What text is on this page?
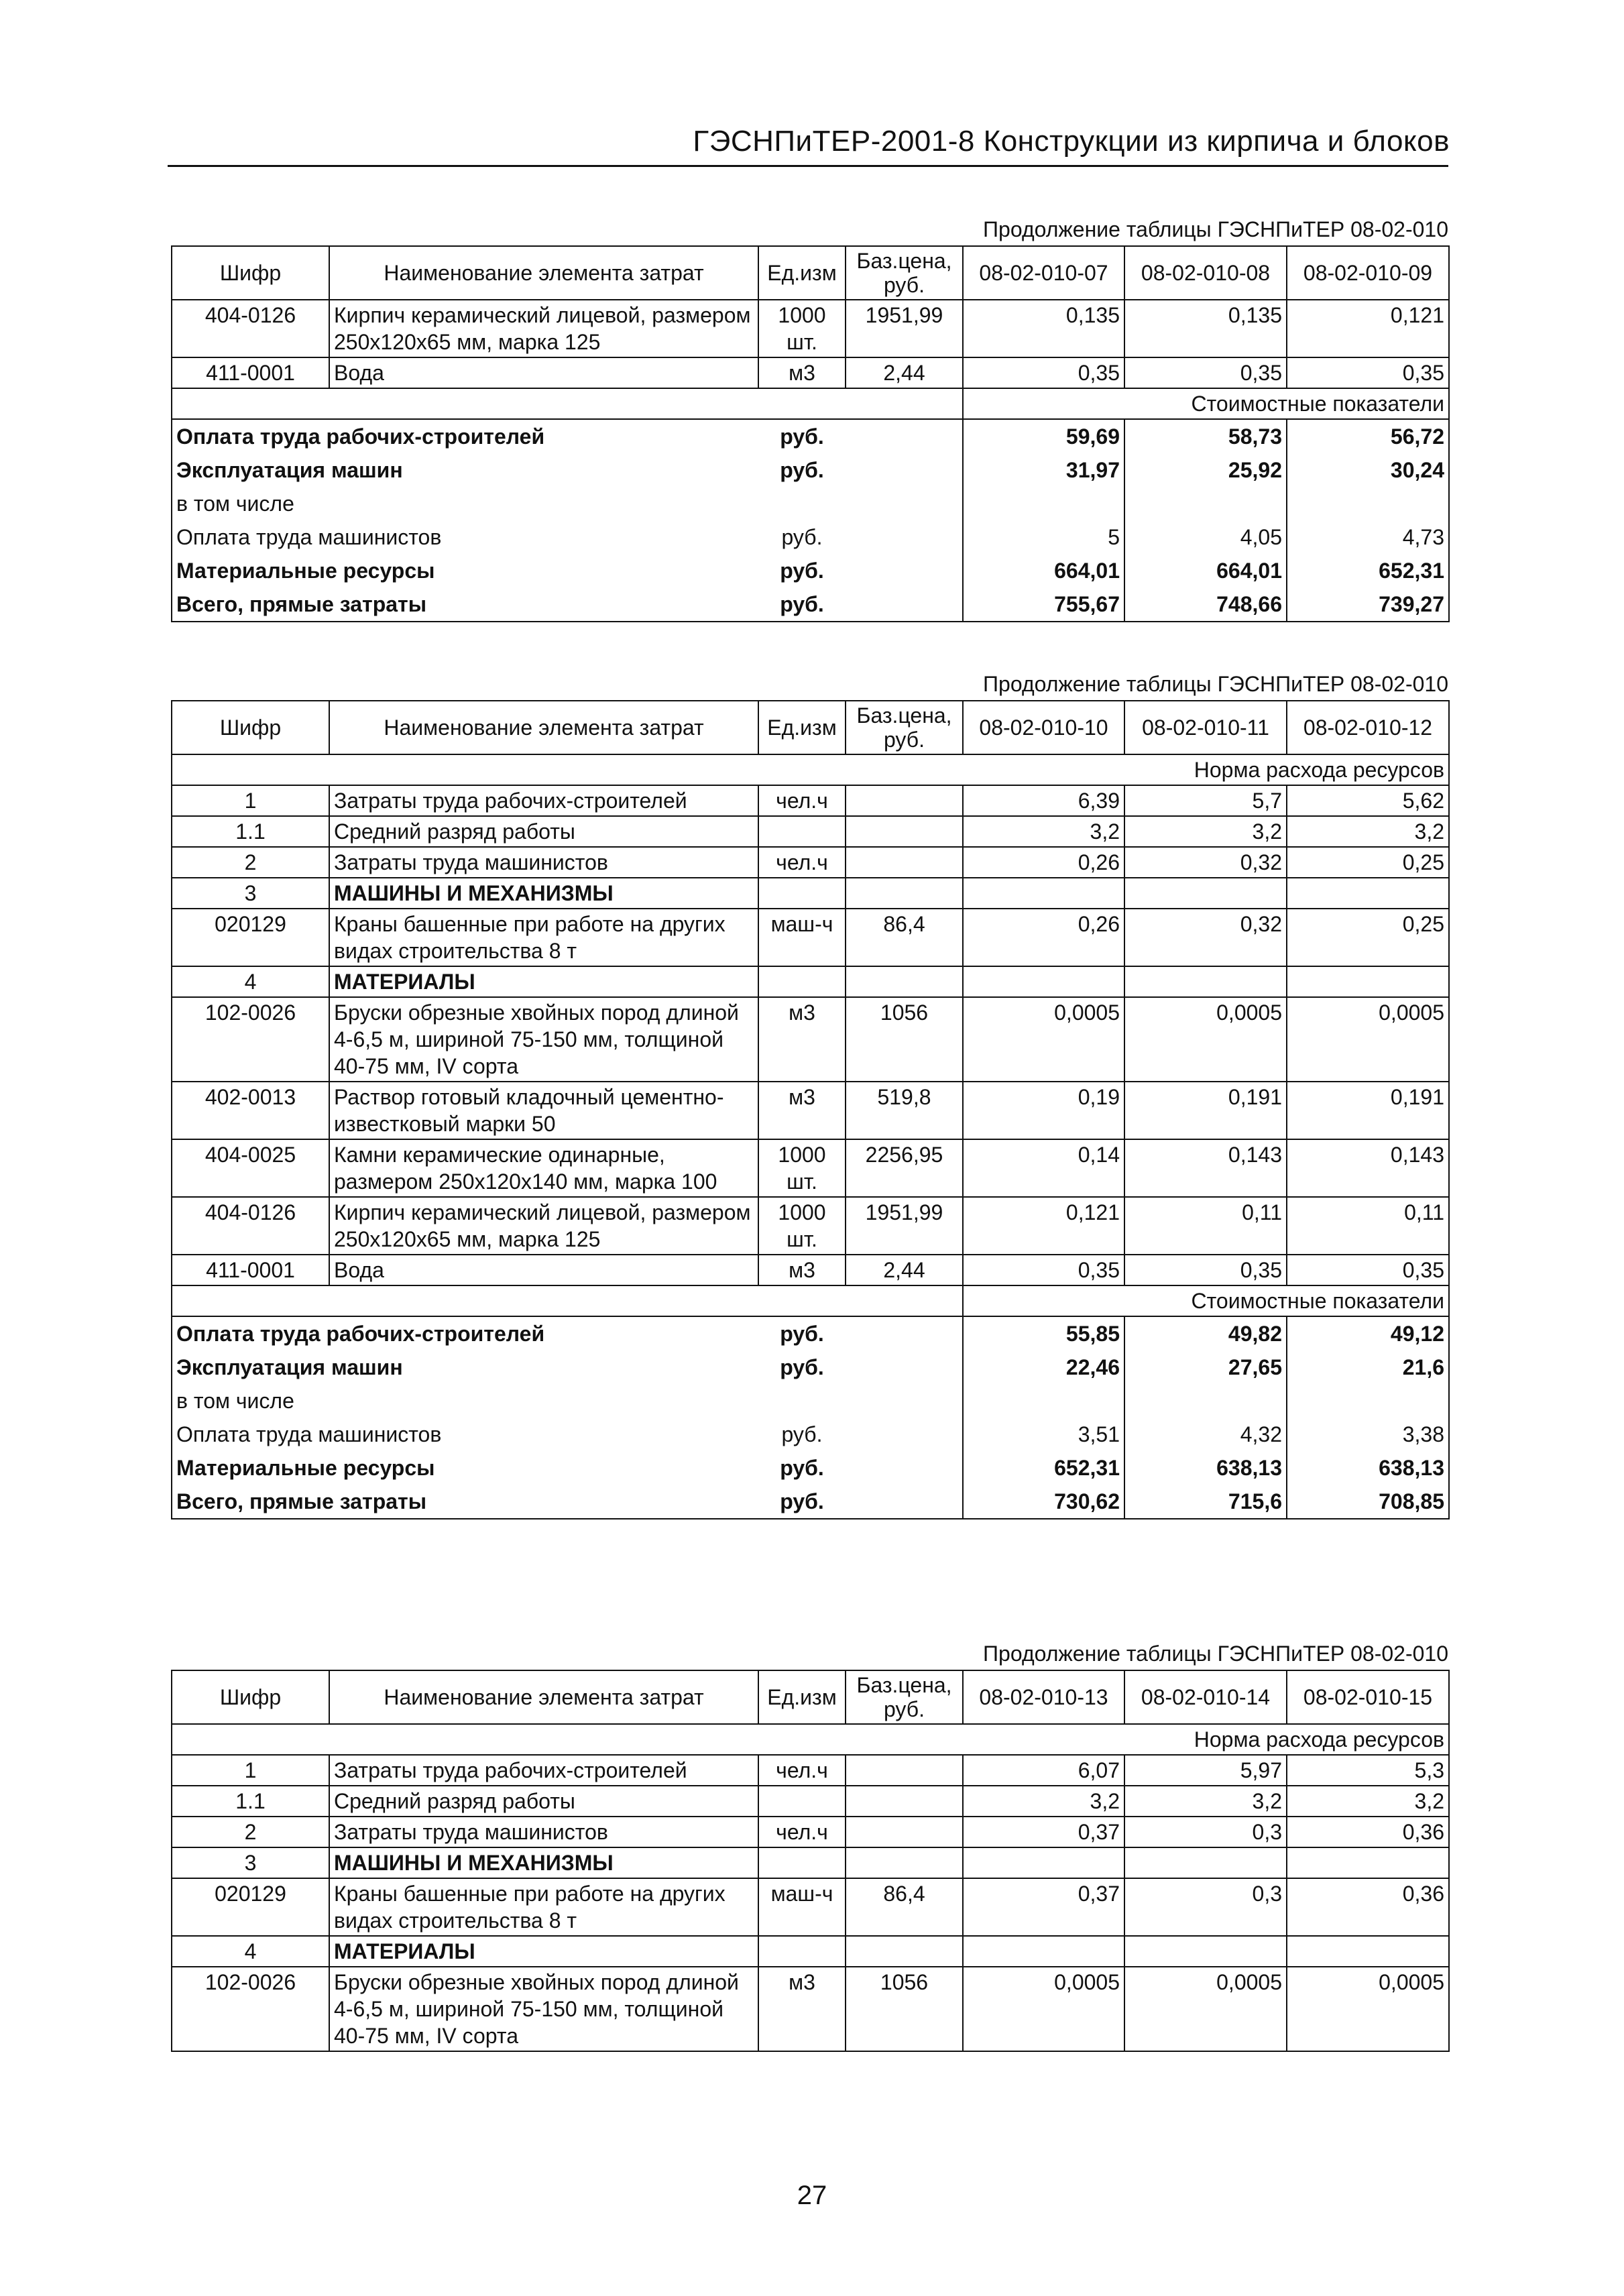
ГЭСНПиТЕР-2001-8 Конструкции из кирпича и блоков
Продолжение таблицы ГЭСНПиТЕР 08-02-010
Шифр	Наименование элемента затрат	Ед.изм	Баз.цена, руб.	08-02-010-07	08-02-010-08	08-02-010-09
404-0126	Кирпич керамический лицевой, размером 250x120x65 мм, марка 125	1000 шт.	1951,99	0,135	0,135	0,121
411-0001	Вода	м3	2,44	0,35	0,35	0,35
				Стоимостные показатели		
Оплата труда рабочих-строителей		руб.		59,69	58,73	56,72
Эксплуатация машин		руб.		31,97	25,92	30,24
в том числе						
Оплата труда машинистов		руб.		5	4,05	4,73
Материальные ресурсы		руб.		664,01	664,01	652,31
Всего, прямые затраты		руб.		755,67	748,66	739,27
Продолжение таблицы ГЭСНПиТЕР 08-02-010
Шифр	Наименование элемента затрат	Ед.изм	Баз.цена, руб.	08-02-010-10	08-02-010-11	08-02-010-12
Норма расхода ресурсов						
1	Затраты труда рабочих-строителей	чел.ч		6,39	5,7	5,62
1.1	Средний разряд работы			3,2	3,2	3,2
2	Затраты труда машинистов	чел.ч		0,26	0,32	0,25
3	МАШИНЫ И МЕХАНИЗМЫ					
020129	Краны башенные при работе на других видах строительства 8 т	маш-ч	86,4	0,26	0,32	0,25
4	МАТЕРИАЛЫ					
102-0026	Бруски обрезные хвойных пород длиной 4-6,5 м, шириной 75-150 мм, толщиной 40-75 мм, IV сорта	м3	1056	0,0005	0,0005	0,0005
402-0013	Раствор готовый кладочный цементно-известковый марки 50	м3	519,8	0,19	0,191	0,191
404-0025	Камни керамические одинарные, размером 250x120x140 мм, марка 100	1000 шт.	2256,95	0,14	0,143	0,143
404-0126	Кирпич керамический лицевой, размером 250x120x65 мм, марка 125	1000 шт.	1951,99	0,121	0,11	0,11
411-0001	Вода	м3	2,44	0,35	0,35	0,35
				Стоимостные показатели		
Оплата труда рабочих-строителей		руб.		55,85	49,82	49,12
Эксплуатация машин		руб.		22,46	27,65	21,6
в том числе						
Оплата труда машинистов		руб.		3,51	4,32	3,38
Материальные ресурсы		руб.		652,31	638,13	638,13
Всего, прямые затраты		руб.		730,62	715,6	708,85
Продолжение таблицы ГЭСНПиТЕР 08-02-010
Шифр	Наименование элемента затрат	Ед.изм	Баз.цена, руб.	08-02-010-13	08-02-010-14	08-02-010-15
Норма расхода ресурсов						
1	Затраты труда рабочих-строителей	чел.ч		6,07	5,97	5,3
1.1	Средний разряд работы			3,2	3,2	3,2
2	Затраты труда машинистов	чел.ч		0,37	0,3	0,36
3	МАШИНЫ И МЕХАНИЗМЫ					
020129	Краны башенные при работе на других видах строительства 8 т	маш-ч	86,4	0,37	0,3	0,36
4	МАТЕРИАЛЫ					
102-0026	Бруски обрезные хвойных пород длиной 4-6,5 м, шириной 75-150 мм, толщиной 40-75 мм, IV сорта	м3	1056	0,0005	0,0005	0,0005
27
